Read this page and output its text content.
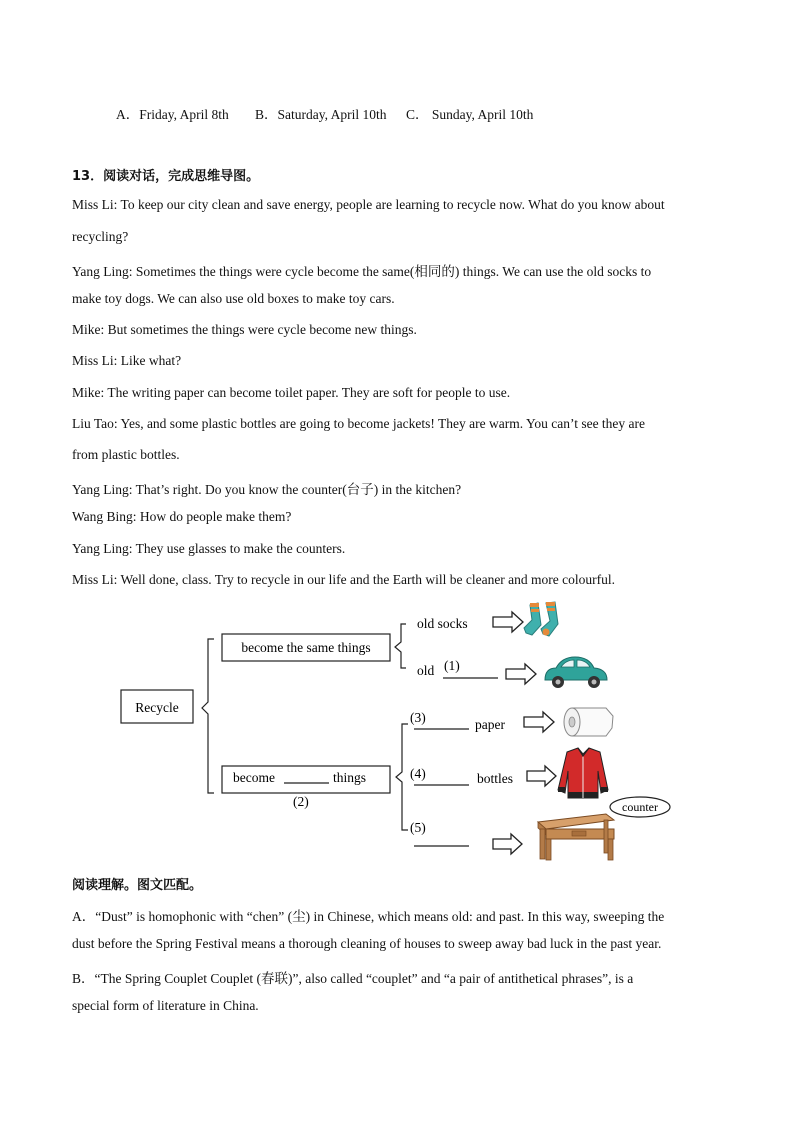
A．Friday, April 8th B．Saturday, April 10th C． Sunday, April 10th
13．阅读对话，完成思维导图。
Miss Li: To keep our city clean and save energy, people are learning to recycle now. What do you know about
recycling?
Yang Ling: Sometimes the things were cycle become the same(相同的) things. We can use the old socks to
make toy dogs. We can also use old boxes to make toy cars.
Mike: But sometimes the things were cycle become new things.
Miss Li: Like what?
Mike: The writing paper can become toilet paper. They are soft for people to use.
Liu Tao: Yes, and some plastic bottles are going to become jackets! They are warm. You can’t see they are
from plastic bottles.
Yang Ling: That’s right. Do you know the counter(台子) in the kitchen?
Wang Bing: How do people make them?
Yang Ling: They use glasses to make the counters.
Miss Li: Well done, class. Try to recycle in our life and the Earth will be cleaner and more colourful.
Recycle
become the same things
old socks
old (1)
become	things
(2)
(3)	paper
(4)	bottles
(5)
counter
阅读理解。图文匹配。
A．“Dust” is homophonic with “chen” (尘) in Chinese, which means old: and past. In this way, sweeping the
dust before the Spring Festival means a thorough cleaning of houses to sweep away bad luck in the past year.
B．“The Spring Couplet Couplet (春联)”, also called “couplet” and “a pair of antithetical phrases”, is a
special form of literature in China.
